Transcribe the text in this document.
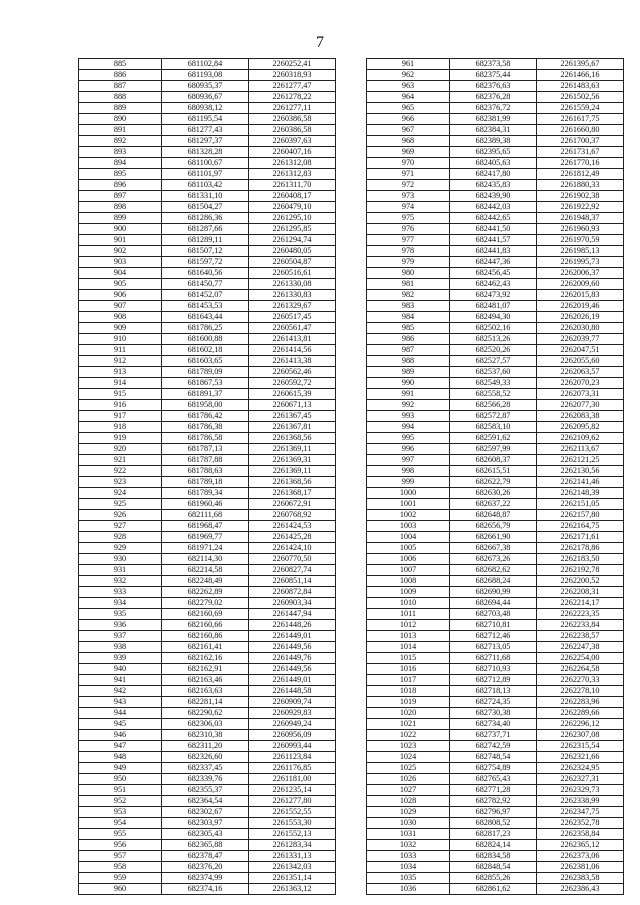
7
885	681102,84	2260252,41
886	681193,08	2260318,93
887	680935,37	2261277,47
888	680936,67	2261278,22
889	680938,12	2261277,11
890	681195,54	2260386,58
891	681277,43	2260386,58
892	681297,37	2260397,63
893	681328,28	2260407,16
894	681100,67	2261312,08
895	681101,97	2261312,83
896	681103,42	2261311,70
897	681331,10	2260408,17
898	681504,27	2260479,10
899	681286,36	2261295,10
900	681287,66	2261295,85
901	681289,11	2261294,74
902	681507,12	2260480,05
903	681597,72	2260504,87
904	681640,56	2260516,61
905	681450,77	2261330,08
906	681452,07	2261330,83
907	681453,53	2261329,67
908	681643,44	2260517,45
909	681786,25	2260561,47
910	681600,88	2261413,81
911	681602,18	2261414,56
912	681603,65	2261413,38
913	681789,09	2260562,46
914	681867,53	2260592,72
915	681891,37	2260615,39
916	681958,00	2260671,13
917	681786,42	2261367,45
918	681786,38	2261367,81
919	681786,58	2261368,56
920	681787,13	2261369,11
921	681787,88	2261369,31
922	681788,63	2261369,11
923	681789,18	2261368,56
924	681789,34	2261368,17
925	681960,46	2260672,91
926	682111,68	2260768,92
927	681968,47	2261424,53
928	681969,77	2261425,28
929	681971,24	2261424,10
930	682114,30	2260770,50
931	682214,58	2260827,74
932	682248,49	2260851,14
933	682262,89	2260872,84
934	682279,02	2260903,34
935	682160,69	2261447,94
936	682160,66	2261448,26
937	682160,86	2261449,01
938	682161,41	2261449,56
939	682162,16	2261449,76
940	682162,91	2261449,56
941	682163,46	2261449,01
942	682163,63	2261448,58
943	682281,14	2260909,74
944	682290,62	2260929,83
945	682306,03	2260949,24
946	682310,38	2260956,09
947	682311,20	2260993,44
948	682326,60	2261123,84
949	682337,45	2261176,85
950	682339,76	2261181,00
951	682355,37	2261235,14
952	682364,54	2261277,80
953	682302,67	2261552,55
954	682303,97	2261553,30
955	682305,43	2261552,13
956	682365,88	2261283,34
957	682378,47	2261331,13
958	682376,20	2261342,03
959	682374,99	2261351,14
960	682374,16	2261363,12
961	682373,58	2261395,67
962	682375,44	2261466,16
963	682376,63	2261483,63
964	682376,28	2261502,56
965	682376,72	2261559,24
966	682381,99	2261617,75
967	682384,31	2261660,80
968	682389,38	2261700,37
969	682395,65	2261731,67
970	682405,63	2261770,16
971	682417,80	2261812,49
972	682435,83	2261880,33
973	682439,90	2261902,38
974	682442,03	2261922,92
975	682442,65	2261948,37
976	682441,50	2261960,93
977	682441,57	2261970,59
978	682441,83	2261985,13
979	682447,36	2261995,73
980	682456,45	2262006,37
981	682462,43	2262009,60
982	682473,92	2262015,83
983	682481,07	2262019,46
984	682494,30	2262026,19
985	682502,16	2262030,80
986	682513,26	2262039,77
987	682520,26	2262047,51
988	682527,57	2262055,60
989	682537,60	2262063,57
990	682549,33	2262070,23
991	682558,52	2262073,31
992	682566,28	2262077,30
993	682572,87	2262083,38
994	682583,10	2262095,82
995	682591,62	2262109,62
996	682597,99	2262113,67
997	682608,37	2262121,25
998	682615,51	2262130,56
999	682622,79	2262141,46
1000	682630,26	2262148,39
1001	682637,22	2262151,05
1002	682648,87	2262157,80
1003	682656,79	2262164,75
1004	682661,90	2262171,61
1005	682667,38	2262178,86
1006	682673,26	2262183,50
1007	682682,62	2262192,78
1008	682688,24	2262200,52
1009	682690,99	2262208,31
1010	682694,44	2262214,17
1011	682703,48	2262223,35
1012	682710,81	2262233,84
1013	682712,46	2262238,57
1014	682713,05	2262247,38
1015	682711,68	2262254,00
1016	682710,93	2262264,58
1017	682712,89	2262270,33
1018	682718,13	2262278,10
1019	682724,35	2262283,96
1020	682730,38	2262289,66
1021	682734,40	2262296,12
1022	682737,71	2262307,08
1023	682742,59	2262315,54
1024	682748,54	2262321,66
1025	682754,89	2262324,95
1026	682765,43	2262327,31
1027	682771,28	2262329,73
1028	682782,92	2262338,99
1029	682796,97	2262347,75
1030	682808,52	2262352,78
1031	682817,23	2262358,84
1032	682824,14	2262365,12
1033	682834,58	2262373,06
1034	682848,54	2262381,06
1035	682855,26	2262383,58
1036	682861,62	2262386,43
